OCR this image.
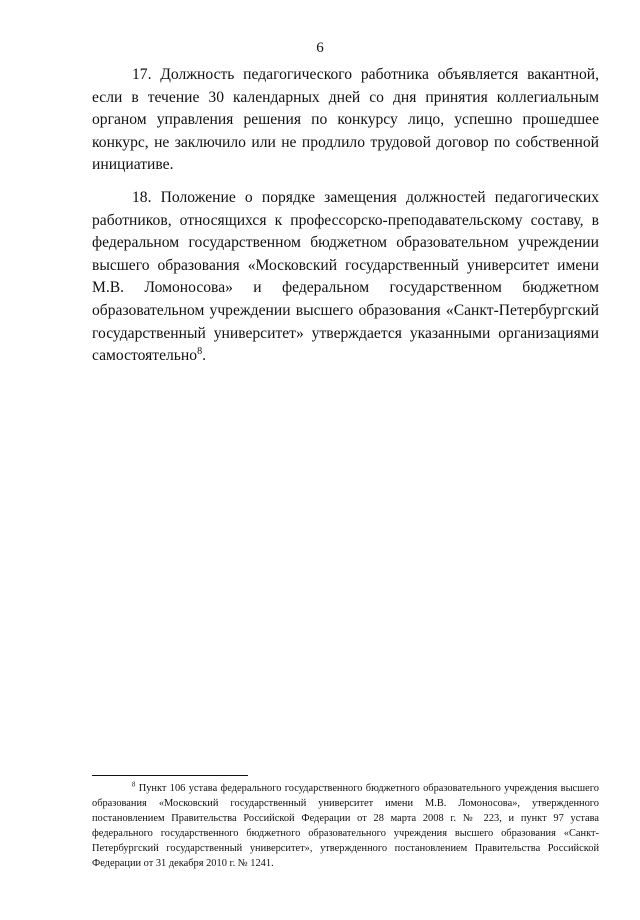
6

17. Должность педагогического работника объявляется вакантной, если в течение 30 календарных дней со дня принятия коллегиальным органом управления решения по конкурсу лицо, успешно прошедшее конкурс, не заключило или не продлило трудовой договор по собственной инициативе.

18. Положение о порядке замещения должностей педагогических работников, относящихся к профессорско-преподавательскому составу, в федеральном государственном бюджетном образовательном учреждении высшего образования «Московский государственный университет имени М.В. Ломоносова» и федеральном государственном бюджетном образовательном учреждении высшего образования «Санкт-Петербургский государственный университет» утверждается указанными организациями самостоятельно$^8$.

$^8$ Пункт 106 устава федерального государственного бюджетного образовательного учреждения высшего образования «Московский государственный университет имени М.В. Ломоносова», утвержденного постановлением Правительства Российской Федерации от 28 марта 2008 г. № 223, и пункт 97 устава федерального государственного бюджетного образовательного учреждения высшего образования «Санкт-Петербургский государственный университет», утвержденного постановлением Правительства Российской Федерации от 31 декабря 2010 г. № 1241.
